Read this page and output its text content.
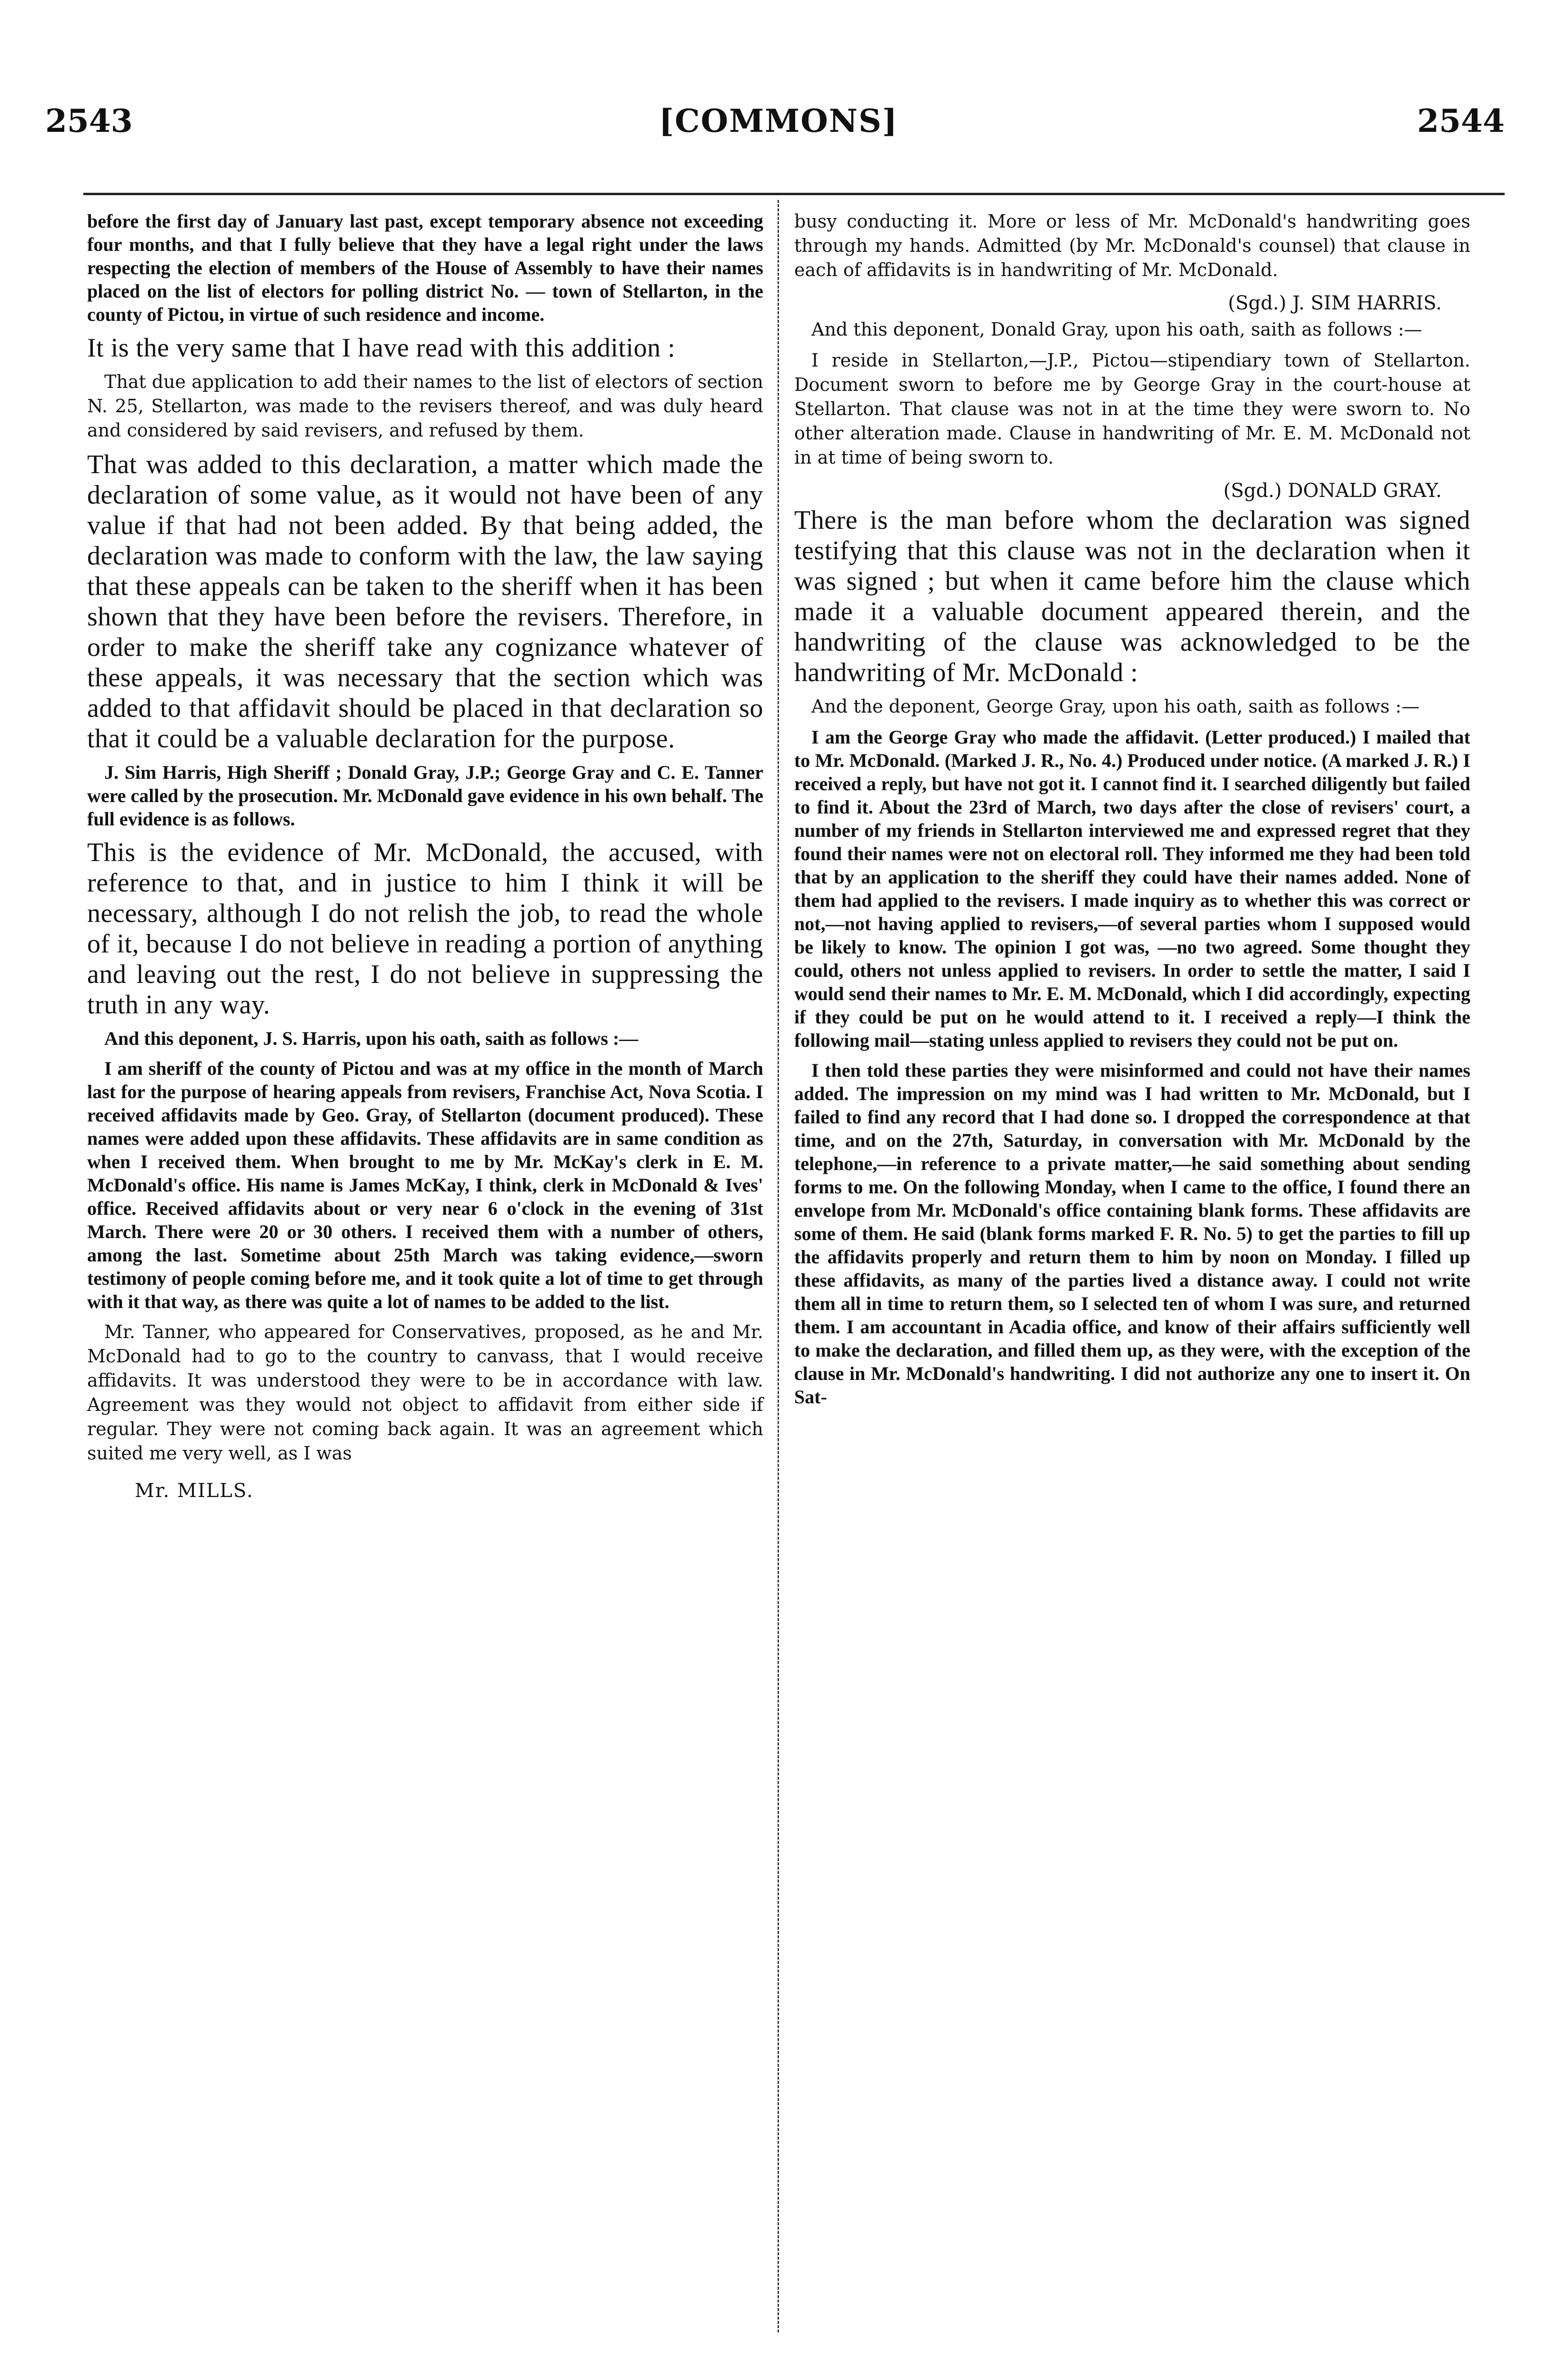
2543	[COMMONS]	2544

before the first day of January last past, except temporary absence not exceeding four months, and that I fully believe that they have a legal right under the laws respecting the election of members of the House of Assembly to have their names placed on the list of electors for polling district No. — town of Stellarton, in the county of Pictou, in virtue of such residence and income.

It is the very same that I have read with this addition :

That due application to add their names to the list of electors of section N. 25, Stellarton, was made to the revisers thereof, and was duly heard and considered by said revisers, and refused by them.

That was added to this declaration, a matter which made the declaration of some value, as it would not have been of any value if that had not been added. By that being added, the declaration was made to conform with the law, the law saying that these appeals can be taken to the sheriff when it has been shown that they have been before the revisers. Therefore, in order to make the sheriff take any cognizance whatever of these appeals, it was necessary that the section which was added to that affidavit should be placed in that declaration so that it could be a valuable declaration for the purpose.

J. Sim Harris, High Sheriff ; Donald Gray, J.P.; George Gray and C. E. Tanner were called by the prosecution. Mr. McDonald gave evidence in his own behalf. The full evidence is as follows.

This is the evidence of Mr. McDonald, the accused, with reference to that, and in justice to him I think it will be necessary, although I do not relish the job, to read the whole of it, because I do not believe in reading a portion of anything and leaving out the rest, I do not believe in suppressing the truth in any way.

And this deponent, J. S. Harris, upon his oath, saith as follows :—

I am sheriff of the county of Pictou and was at my office in the month of March last for the purpose of hearing appeals from revisers, Franchise Act, Nova Scotia. I received affidavits made by Geo. Gray, of Stellarton (document produced). These names were added upon these affidavits. These affidavits are in same condition as when I received them. When brought to me by Mr. McKay's clerk in E. M. McDonald's office. His name is James McKay, I think, clerk in McDonald & Ives' office. Received affidavits about or very near 6 o'clock in the evening of 31st March. There were 20 or 30 others. I received them with a number of others, among the last. Sometime about 25th March was taking evidence,—sworn testimony of people coming before me, and it took quite a lot of time to get through with it that way, as there was quite a lot of names to be added to the list.

Mr. Tanner, who appeared for Conservatives, proposed, as he and Mr. McDonald had to go to the country to canvass, that I would receive affidavits. It was understood they were to be in accordance with law. Agreement was they would not object to affidavit from either side if regular. They were not coming back again. It was an agreement which suited me very well, as I was

Mr. MILLS.

busy conducting it. More or less of Mr. McDonald's handwriting goes through my hands. Admitted (by Mr. McDonald's counsel) that clause in each of affidavits is in handwriting of Mr. McDonald.

(Sgd.) J. SIM HARRIS.

And this deponent, Donald Gray, upon his oath, saith as follows :—

I reside in Stellarton,—J.P., Pictou—stipendiary town of Stellarton. Document sworn to before me by George Gray in the court-house at Stellarton. That clause was not in at the time they were sworn to. No other alteration made. Clause in handwriting of Mr. E. M. McDonald not in at time of being sworn to.

(Sgd.) DONALD GRAY.

There is the man before whom the declaration was signed testifying that this clause was not in the declaration when it was signed ; but when it came before him the clause which made it a valuable document appeared therein, and the handwriting of the clause was acknowledged to be the handwriting of Mr. McDonald :

And the deponent, George Gray, upon his oath, saith as follows :—

I am the George Gray who made the affidavit. (Letter produced.) I mailed that to Mr. McDonald. (Marked J. R., No. 4.) Produced under notice. (A marked J. R.) I received a reply, but have not got it. I cannot find it. I searched diligently but failed to find it. About the 23rd of March, two days after the close of revisers' court, a number of my friends in Stellarton interviewed me and expressed regret that they found their names were not on electoral roll. They informed me they had been told that by an application to the sheriff they could have their names added. None of them had applied to the revisers. I made inquiry as to whether this was correct or not,—not having applied to revisers,—of several parties whom I supposed would be likely to know. The opinion I got was, —no two agreed. Some thought they could, others not unless applied to revisers. In order to settle the matter, I said I would send their names to Mr. E. M. McDonald, which I did accordingly, expecting if they could be put on he would attend to it. I received a reply—I think the following mail—stating unless applied to revisers they could not be put on.

I then told these parties they were misinformed and could not have their names added. The impression on my mind was I had written to Mr. McDonald, but I failed to find any record that I had done so. I dropped the correspondence at that time, and on the 27th, Saturday, in conversation with Mr. McDonald by the telephone,—in reference to a private matter,—he said something about sending forms to me. On the following Monday, when I came to the office, I found there an envelope from Mr. McDonald's office containing blank forms. These affidavits are some of them. He said (blank forms marked F. R. No. 5) to get the parties to fill up the affidavits properly and return them to him by noon on Monday. I filled up these affidavits, as many of the parties lived a distance away. I could not write them all in time to return them, so I selected ten of whom I was sure, and returned them. I am accountant in Acadia office, and know of their affairs sufficiently well to make the declaration, and filled them up, as they were, with the exception of the clause in Mr. McDonald's handwriting. I did not authorize any one to insert it. On Sat-
